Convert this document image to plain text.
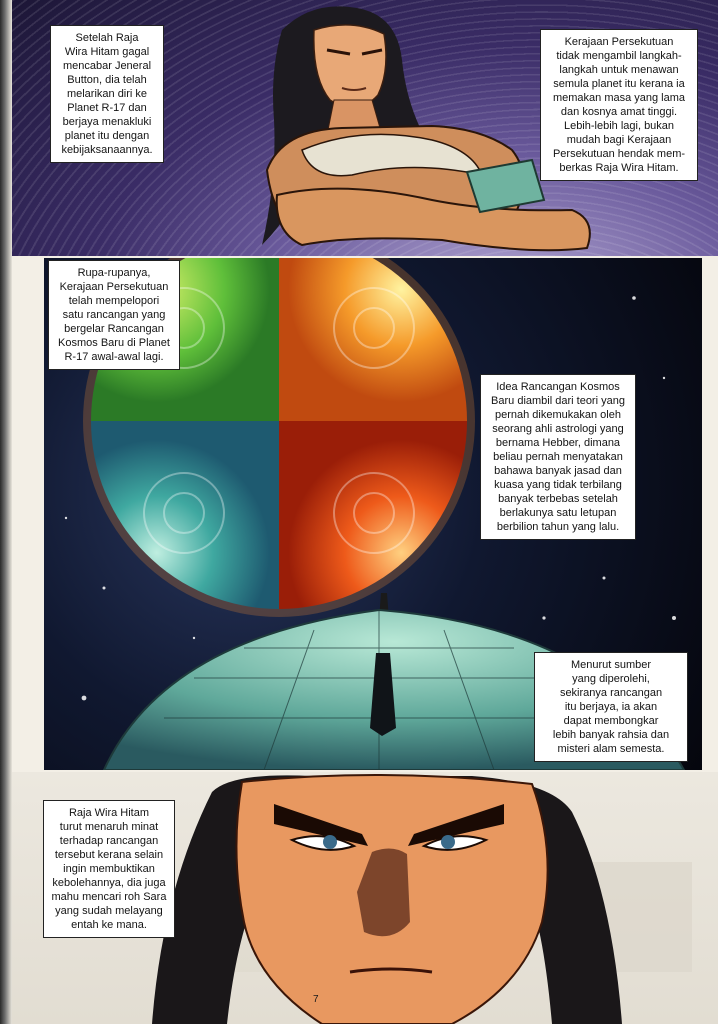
Setelah Raja
Wira Hitam gagal
mencabar Jeneral
Button, dia telah
melarikan diri ke
Planet R-17 dan
berjaya menakluki
planet itu dengan
kebijaksanaannya.
Kerajaan Persekutuan
tidak mengambil langkah-
langkah untuk menawan
semula planet itu kerana ia
memakan masa yang lama
dan kosnya amat tinggi.
Lebih-lebih lagi, bukan
mudah bagi Kerajaan
Persekutuan hendak mem-
berkas Raja Wira Hitam.
Rupa-rupanya,
Kerajaan Persekutuan
telah mempelopori
satu rancangan yang
bergelar Rancangan
Kosmos Baru di Planet
R-17 awal-awal lagi.
Idea Rancangan Kosmos
Baru diambil dari teori yang
pernah dikemukakan oleh
seorang ahli astrologi yang
bernama Hebber, dimana
beliau pernah menyatakan
bahawa banyak jasad dan
kuasa yang tidak terbilang
banyak terbebas setelah
berlakunya satu letupan
berbilion tahun yang lalu.
Menurut sumber
yang diperolehi,
sekiranya rancangan
itu berjaya, ia akan
dapat membongkar
lebih banyak rahsia dan
misteri alam semesta.
Raja Wira Hitam
turut menaruh minat
terhadap rancangan
tersebut kerana selain
ingin membuktikan
kebolehannya, dia juga
mahu mencari roh Sara
yang sudah melayang
entah ke mana.
7
